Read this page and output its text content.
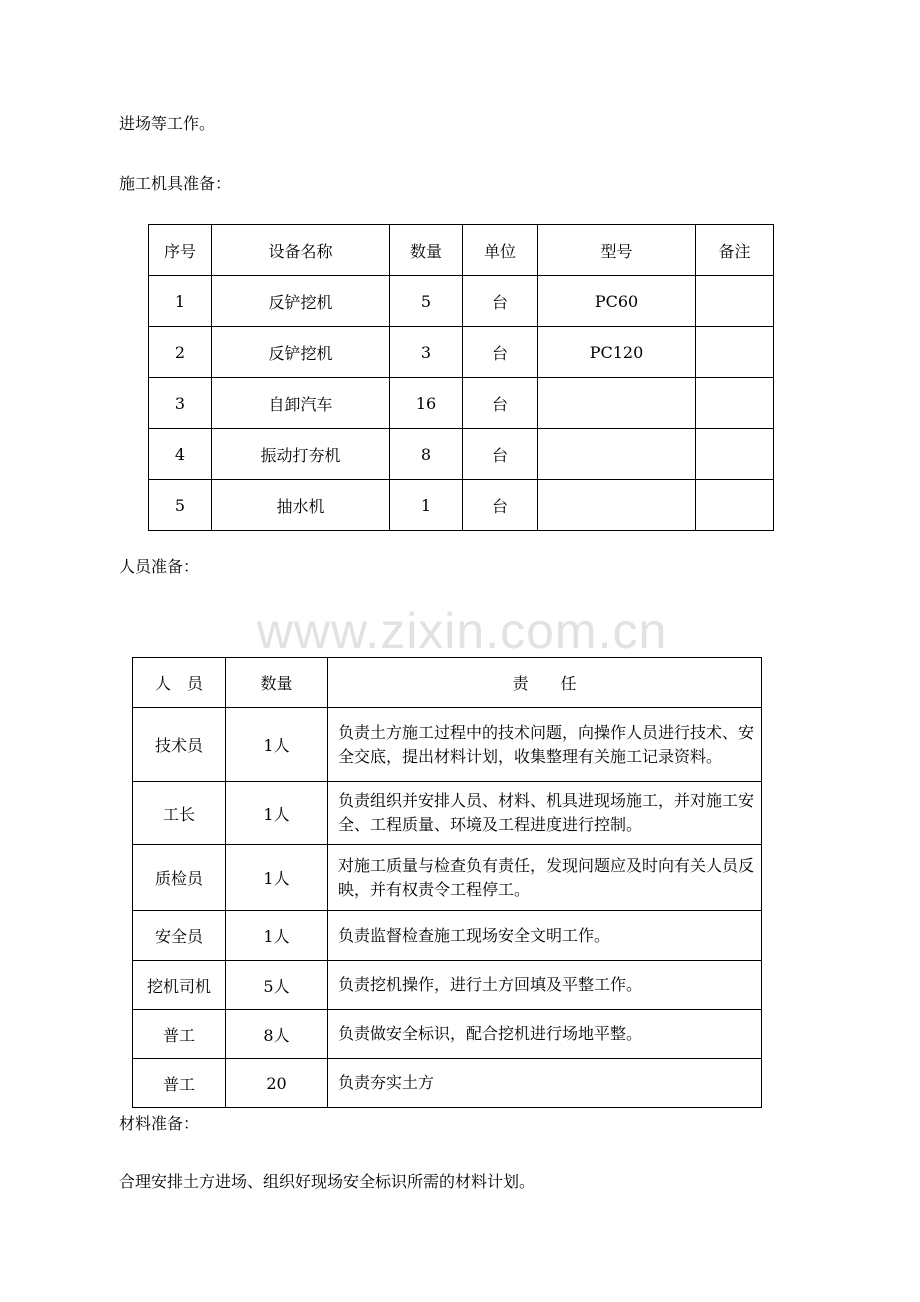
进场等工作。

施工机具准备：

序号	设备名称	数量	单位	型号	备注
1	反铲挖机	5	台	PC60	
2	反铲挖机	3	台	PC120	
3	自卸汽车	16	台		
4	振动打夯机	8	台		
5	抽水机	1	台		

人员准备：

www.zixin.com.cn
人　员	数量	责　　任
技术员	1人	负责土方施工过程中的技术问题，向操作人员进行技术、安全交底，提出材料计划，收集整理有关施工记录资料。
工长	1人	负责组织并安排人员、材料、机具进现场施工，并对施工安全、工程质量、环境及工程进度进行控制。
质检员	1人	对施工质量与检查负有责任，发现问题应及时向有关人员反映，并有权责令工程停工。
安全员	1人	负责监督检查施工现场安全文明工作。
挖机司机	5人	负责挖机操作，进行土方回填及平整工作。
普工	8人	负责做安全标识，配合挖机进行场地平整。
普工	20	负责夯实土方

材料准备：

合理安排土方进场、组织好现场安全标识所需的材料计划。
